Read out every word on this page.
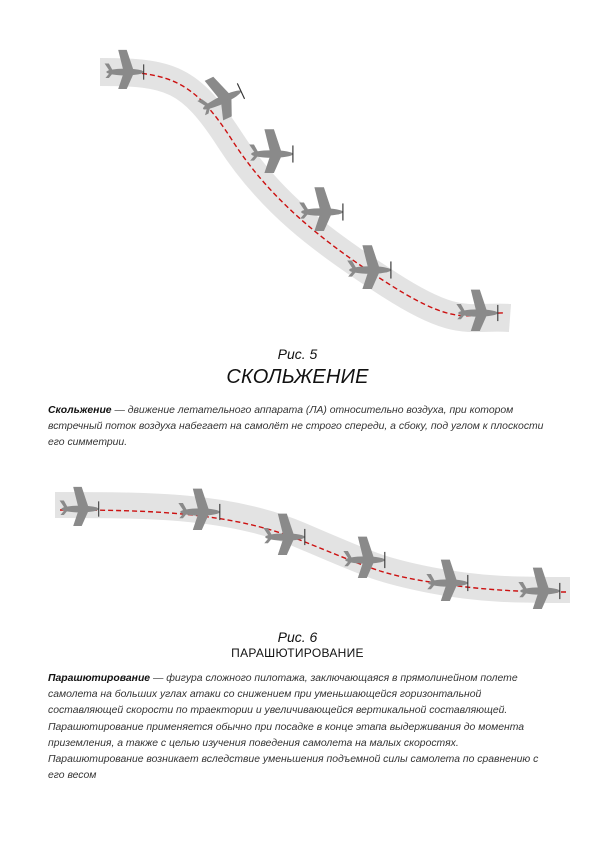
Рис. 5
СКОЛЬЖЕНИЕ
Скольжение — движение летательного аппарата (ЛА) относительно воздуха, при котором встречный поток воздуха набегает на самолёт не строго спереди, а сбоку, под углом к плоскости его симметрии.
Рис. 6
ПАРАШЮТИРОВАНИЕ
Парашютирование — фигура сложного пилотажа, заключающаяся в прямолинейном полете самолета на больших углах атаки со снижением при уменьшающейся горизонтальной составляющей скорости по траектории и увеличивающейся вертикальной составляющей. Парашютирование применяется обычно при посадке в конце этапа выдерживания до момента приземления, а также с целью изучения поведения самолета на малых скоростях. Парашютирование возникает вследствие уменьшения подъемной силы самолета по сравнению с его весом
